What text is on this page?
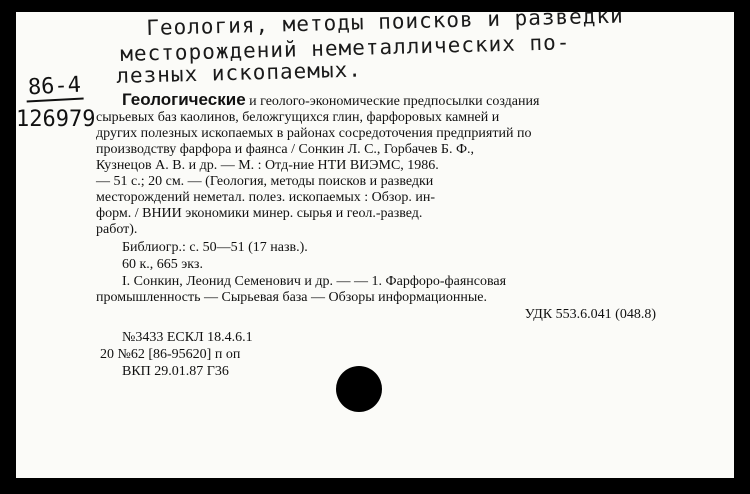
Геология, методы поисков и разведки
месторождений неметаллических по-
лезных ископаемых.
86-4
126979
Геологические и геолого-экономические предпосылки создания
сырьевых баз каолинов, беложгущихся глин, фарфоровых камней и
других полезных ископаемых в районах сосредоточения предприятий по
производству фарфора и фаянса / Сонкин Л. С., Горбачев Б. Ф.,
Кузнецов А. В. и др. — М. : Отд-ние НТИ ВИЭМС, 1986.
— 51 с.; 20 см. — (Геология, методы поисков и разведки
месторождений неметал. полез. ископаемых : Обзор. ин-
форм. / ВНИИ экономики минер. сырья и геол.-развед.
работ).
Библиогр.: с. 50—51 (17 назв.).
60 к., 665 экз.
I. Сонкин, Леонид Семенович и др. — — 1. Фарфоро-фаянсовая
промышленность — Сырьевая база — Обзоры информационные.
УДК 553.6.041 (048.8)
№3433 ЕСКЛ 18.4.6.1
20 №62 [86-95620] п оп
ВКП 29.01.87 Г36
